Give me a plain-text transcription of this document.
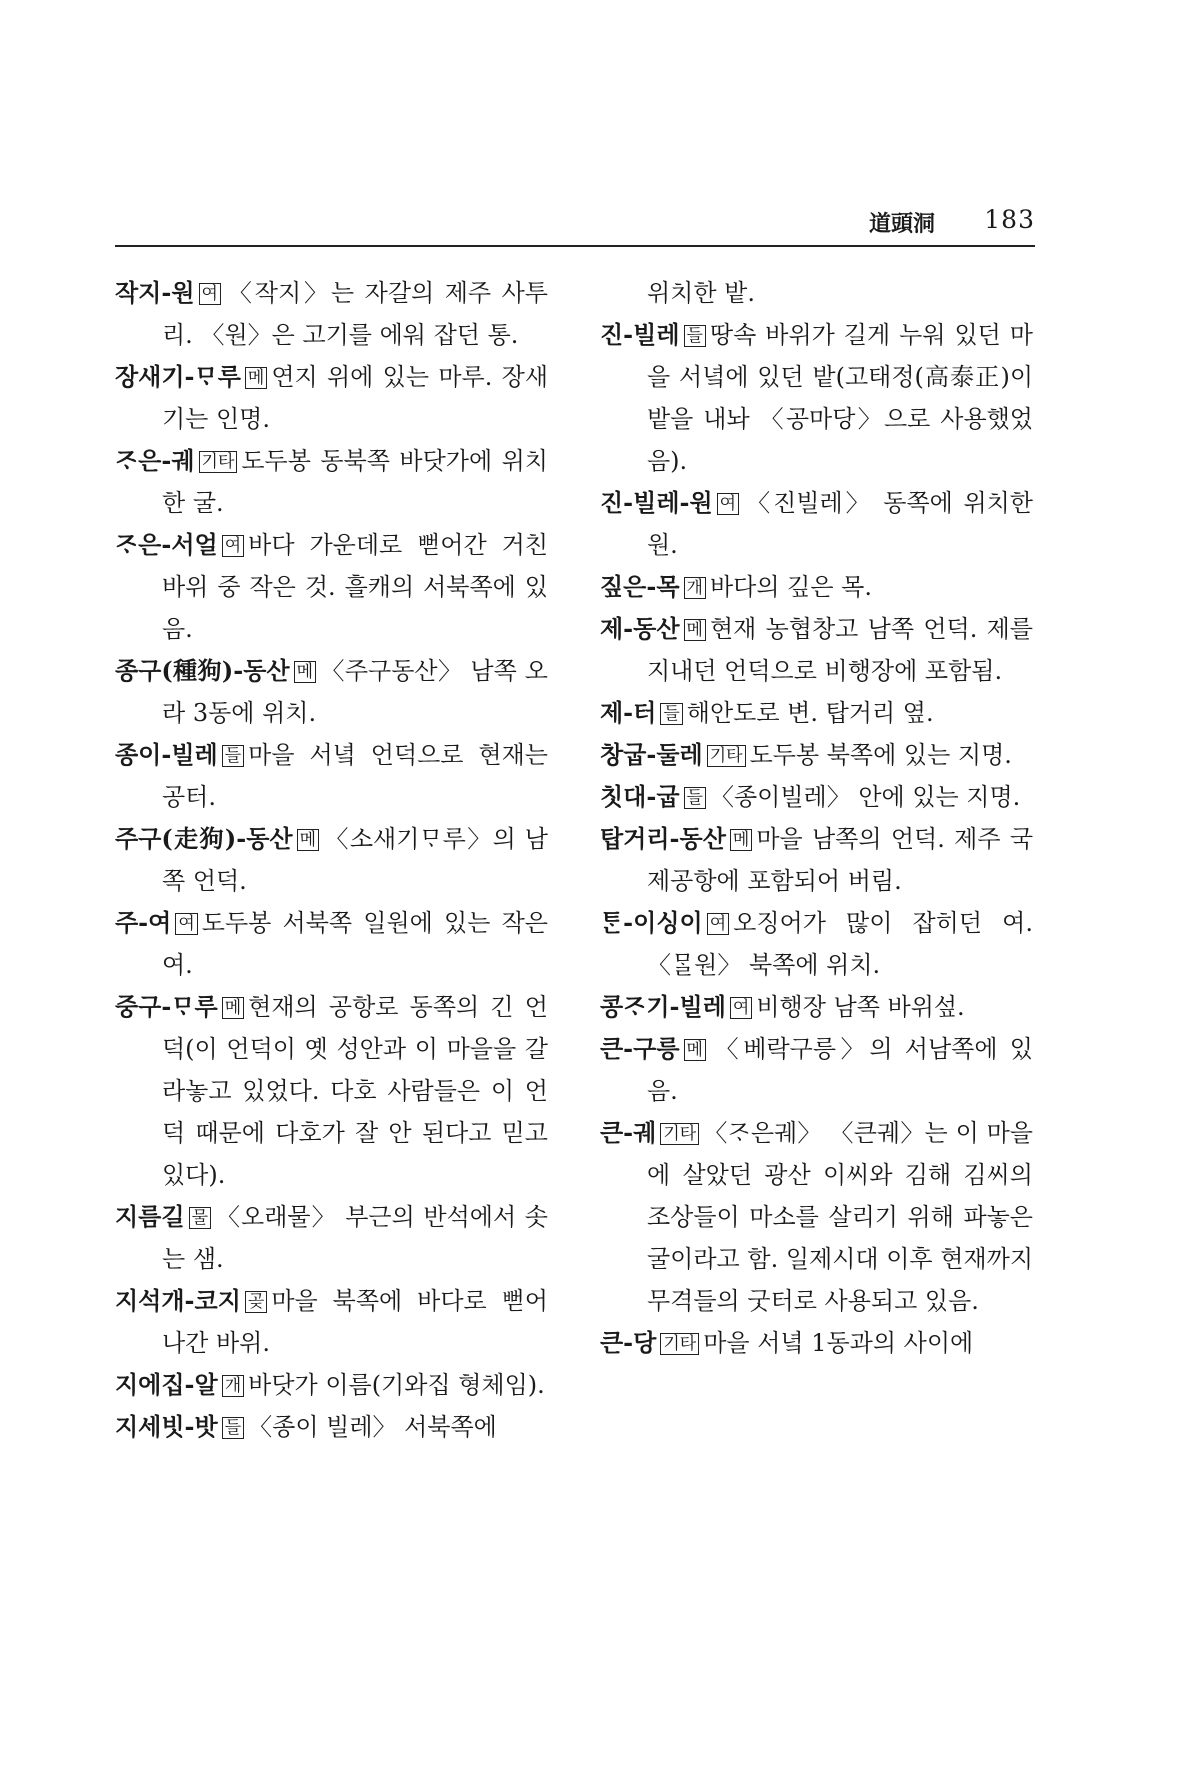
道頭洞 183

작지-원 여 〈작지〉는 자갈의 제주 사투리. 〈원〉은 고기를 에워 잡던 통.

장새기-ᄆᆞ루 메 연지 위에 있는 마루. 장새기는 인명.

ᄌᆞ은-궤 기타 도두봉 동북쪽 바닷가에 위치한 굴.

ᄌᆞ은-서얼 여 바다 가운데로 뻗어간 거친 바위 중 작은 것. 흘캐의 서북쪽에 있음.

종구(種狗)-동산 메 〈주구동산〉 남쪽 오라 3동에 위치.

종이-빌레 들 마을 서녘 언덕으로 현재는 공터.

주구(走狗)-동산 메 〈소새기ᄆᆞ루〉의 남쪽 언덕.

주-여 여 도두봉 서북쪽 일원에 있는 작은 여.

중구-ᄆᆞ루 메 현재의 공항로 동쪽의 긴 언덕(이 언덕이 옛 성안과 이 마을을 갈라놓고 있었다. 다호 사람들은 이 언덕 때문에 다호가 잘 안 된다고 믿고 있다).

지름길 물 〈오래물〉 부근의 반석에서 솟는 샘.

지석개-코지 곶 마을 북쪽에 바다로 뻗어나간 바위.

지에집-알 개 바닷가 이름(기와집 형체임).

지세빗-밧 들 〈종이 빌레〉 서북쪽에

위치한 밭.

진-빌레 들 땅속 바위가 길게 누워 있던 마을 서녘에 있던 밭(고태정(高泰正)이 밭을 내놔 〈공마당〉으로 사용했었음).

진-빌레-원 여 〈진빌레〉 동쪽에 위치한 원.

짚은-목 개 바다의 깊은 목.

제-동산 메 현재 농협창고 남쪽 언덕. 제를 지내던 언덕으로 비행장에 포함됨.

제-터 들 해안도로 변. 탑거리 옆.

창굽-둘레 기타 도두봉 북쪽에 있는 지명.

칫대-굽 들 〈종이빌레〉 안에 있는 지명.

탑거리-동산 메 마을 남쪽의 언덕. 제주 국제공항에 포함되어 버림.

ᄐᆞᆫ-이싱이 여 오징어가 많이 잡히던 여. 〈ᄆᆞᆯ원〉 북쪽에 위치.

콩ᄌᆞ기-빌레 여 비행장 남쪽 바위섶.

큰-구릉 메 〈베락구릉〉의 서남쪽에 있음.

큰-궤 기타 〈ᄌᆞ은궤〉 〈큰궤〉는 이 마을에 살았던 광산 이씨와 김해 김씨의 조상들이 마소를 살리기 위해 파놓은 굴이라고 함. 일제시대 이후 현재까지 무격들의 굿터로 사용되고 있음.

큰-당 기타 마을 서녘 1동과의 사이에
